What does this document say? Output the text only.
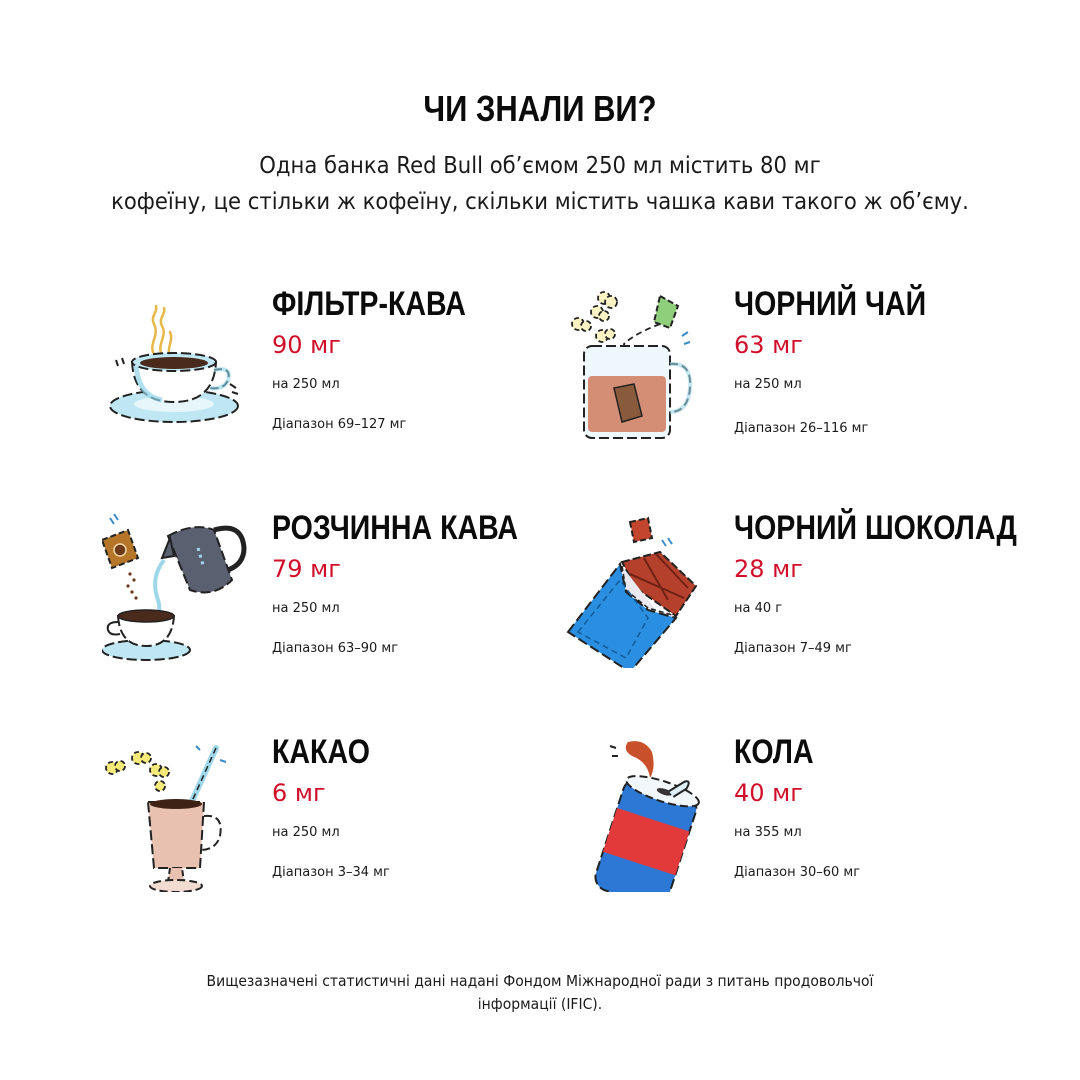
ЧИ ЗНАЛИ ВИ?

Одна банка Red Bull об’ємом 250 мл містить 80 мг
кофеїну, це стільки ж кофеїну, скільки містить чашка кави такого ж об’єму.

ФІЛЬТР-КАВА
90 мг
на 250 мл
Діапазон 69–127 мг
ЧОРНИЙ ЧАЙ
63 мг
на 250 мл
Діапазон 26–116 мг
РОЗЧИННА КАВА
79 мг
на 250 мл
Діапазон 63–90 мг
ЧОРНИЙ ШОКОЛАД
28 мг
на 40 г
Діапазон 7–49 мг
КАКАО
6 мг
на 250 мл
Діапазон 3–34 мг
КОЛА
40 мг
на 355 мл
Діапазон 30–60 мг

Вищезазначені статистичні дані надані Фондом Міжнародної ради з питань продовольчої
інформації (IFIC).
